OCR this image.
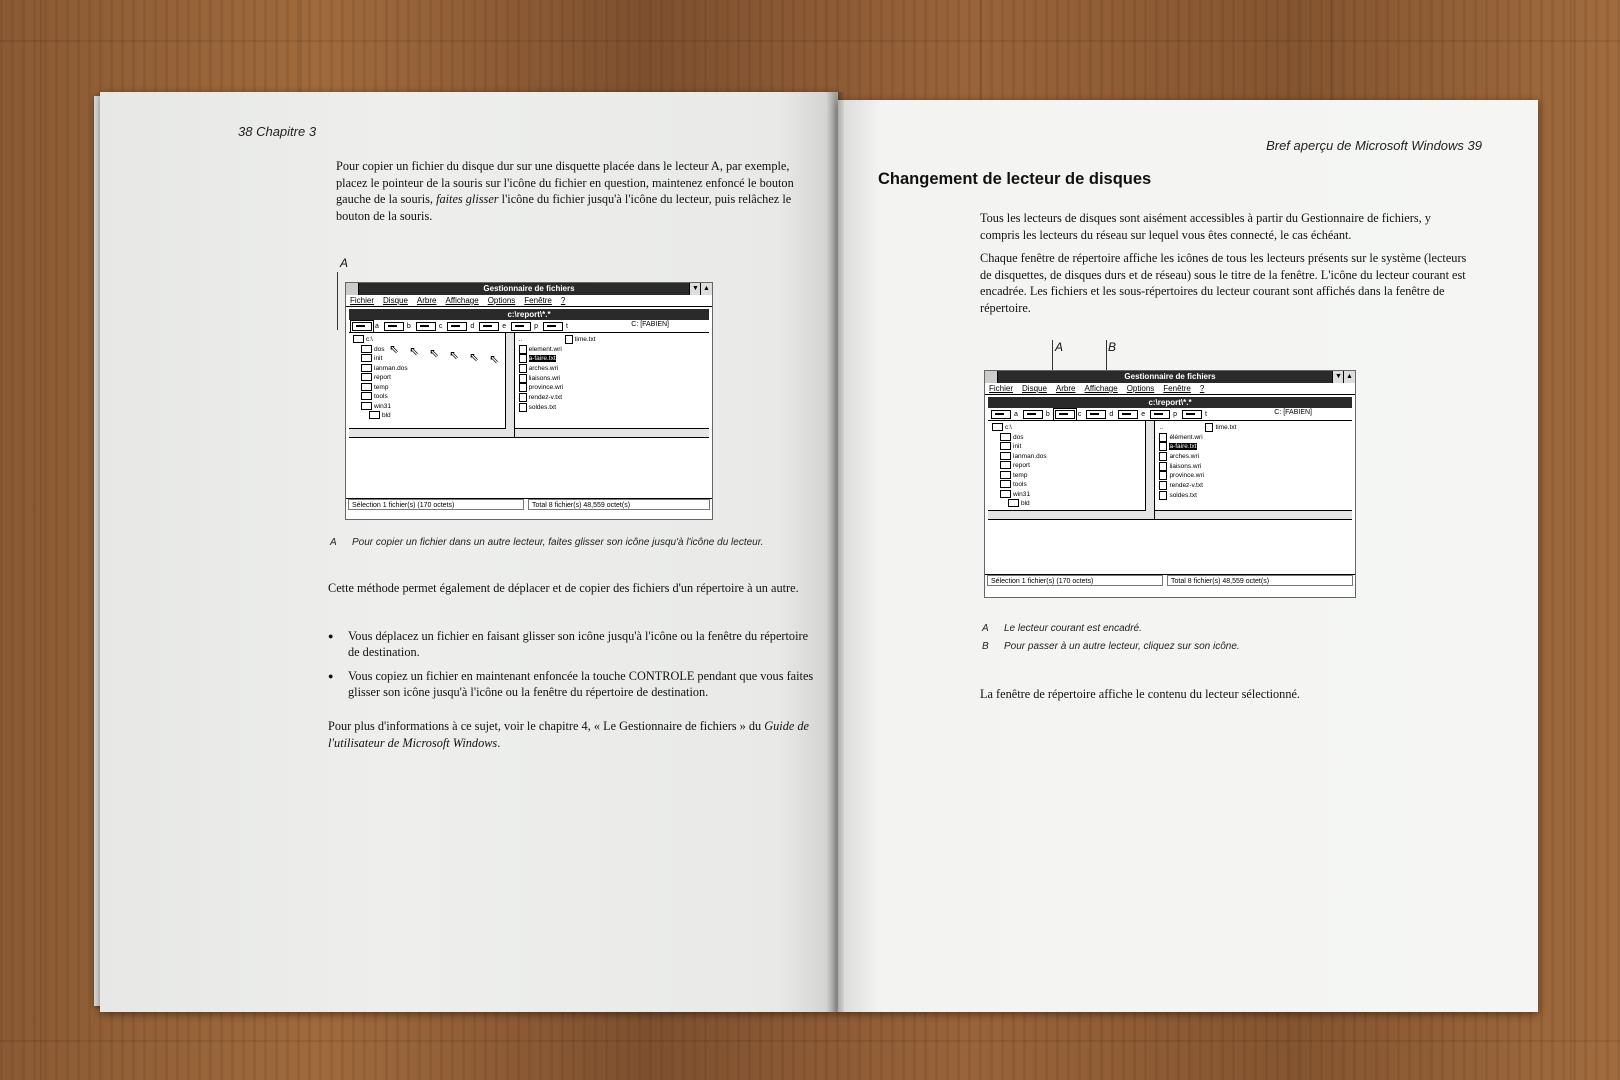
38 Chapitre 3
Pour copier un fichier du disque dur sur une disquette placée dans le lecteur A, par exemple, placez le pointeur de la souris sur l'icône du fichier en question, maintenez enfoncé le bouton gauche de la souris, faites glisser l'icône du fichier jusqu'à l'icône du lecteur, puis relâchez le bouton de la souris.
A
Gestionnaire de fichiers	▼ ▲
Fichier Disque Arbre Affichage Options Fenêtre ?
c:\report\*.*
a	b	c	d	e	p	t	C: [FABIEN]
c:\
dos
init
lanman.dos
report
temp
tools
win31
bld
⇖ ⇖ ⇖ ⇖ ⇖ ⇖
..	time.txt
element.wri
a-faire.txt
arches.wri
liaisons.wri
province.wri
rendez-v.txt
soldes.txt
Sélection 1 fichier(s) (170 octets)	Total 8 fichier(s) 48,559 octet(s)
A Pour copier un fichier dans un autre lecteur, faites glisser son icône jusqu'à l'icône du lecteur.
Cette méthode permet également de déplacer et de copier des fichiers d'un répertoire à un autre.
● Vous déplacez un fichier en faisant glisser son icône jusqu'à l'icône ou la fenêtre du répertoire de destination.
● Vous copiez un fichier en maintenant enfoncée la touche CONTROLE pendant que vous faites glisser son icône jusqu'à l'icône ou la fenêtre du répertoire de destination.
Pour plus d'informations à ce sujet, voir le chapitre 4, « Le Gestionnaire de fichiers » du Guide de l'utilisateur de Microsoft Windows.
Bref aperçu de Microsoft Windows 39
Changement de lecteur de disques
Tous les lecteurs de disques sont aisément accessibles à partir du Gestionnaire de fichiers, y compris les lecteurs du réseau sur lequel vous êtes connecté, le cas échéant.
Chaque fenêtre de répertoire affiche les icônes de tous les lecteurs présents sur le système (lecteurs de disquettes, de disques durs et de réseau) sous le titre de la fenêtre. L'icône du lecteur courant est encadrée. Les fichiers et les sous-répertoires du lecteur courant sont affichés dans la fenêtre de répertoire.
A	B
Gestionnaire de fichiers	▼ ▲
Fichier Disque Arbre Affichage Options Fenêtre ?
c:\report\*.*
a	b	c	d	e	p	t	C: [FABIEN]
c:\
dos
init
lanman.dos
report
temp
tools
win31
bld
..	time.txt
élément.wri
a-faire.txt
arches.wri
liaisons.wri
province.wri
rendez-v.txt
soldes.txt
Sélection 1 fichier(s) (170 octets)	Total 8 fichier(s) 48,559 octet(s)
A Le lecteur courant est encadré.
B Pour passer à un autre lecteur, cliquez sur son icône.
La fenêtre de répertoire affiche le contenu du lecteur sélectionné.
